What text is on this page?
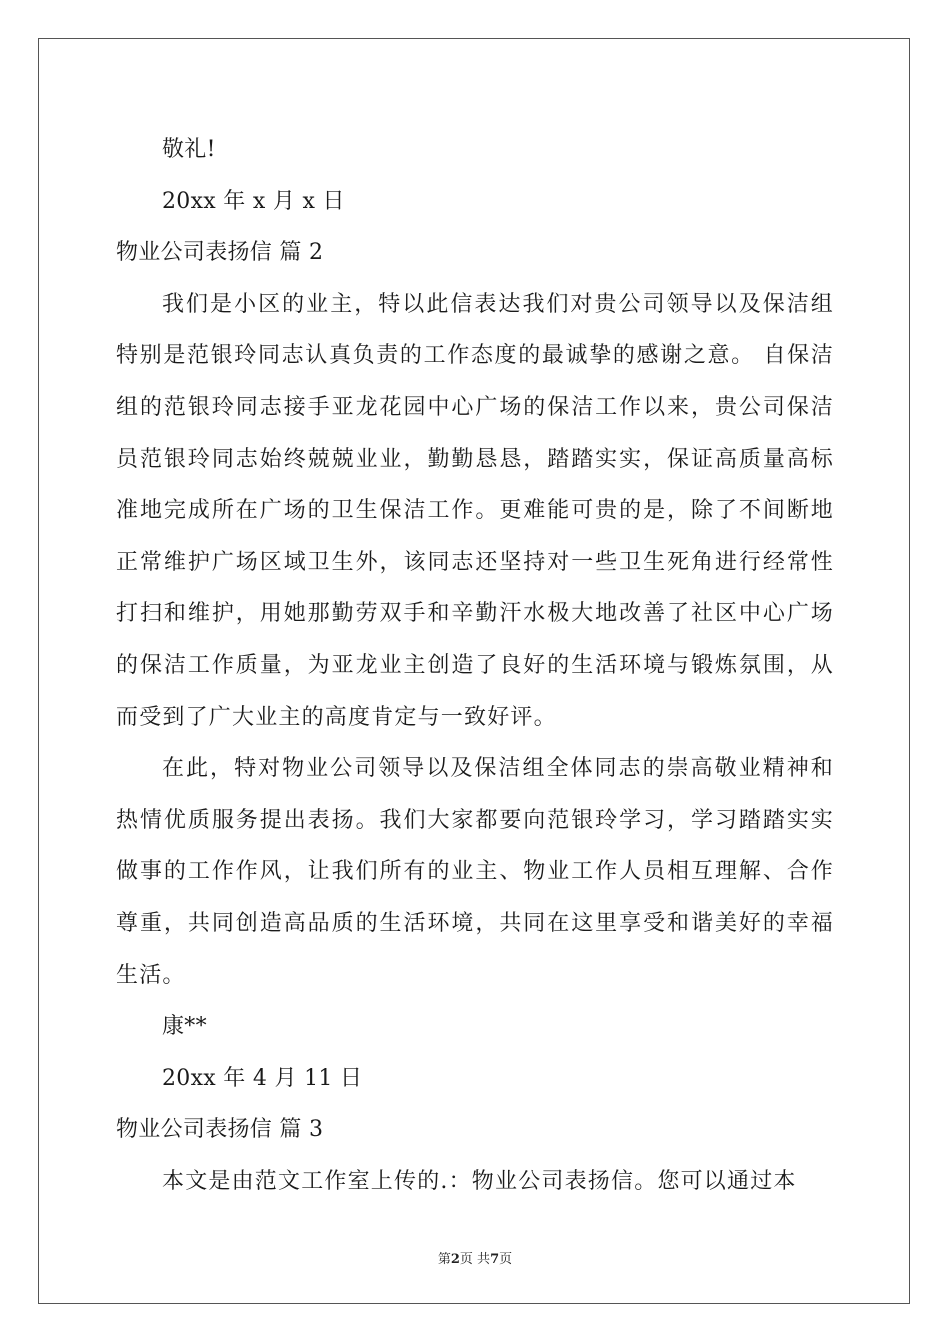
敬礼!
20xx 年 x 月 x 日
物业公司表扬信 篇 2

我们是小区的业主，特以此信表达我们对贵公司领导以及保洁组特别是范银玲同志认真负责的工作态度的最诚挚的感谢之意。 自保洁组的范银玲同志接手亚龙花园中心广场的保洁工作以来，贵公司保洁员范银玲同志始终兢兢业业，勤勤恳恳，踏踏实实，保证高质量高标准地完成所在广场的卫生保洁工作。更难能可贵的是，除了不间断地正常维护广场区域卫生外，该同志还坚持对一些卫生死角进行经常性打扫和维护，用她那勤劳双手和辛勤汗水极大地改善了社区中心广场的保洁工作质量，为亚龙业主创造了良好的生活环境与锻炼氛围，从而受到了广大业主的高度肯定与一致好评。

在此，特对物业公司领导以及保洁组全体同志的崇高敬业精神和热情优质服务提出表扬。我们大家都要向范银玲学习，学习踏踏实实做事的工作作风，让我们所有的业主、物业工作人员相互理解、合作尊重，共同创造高品质的生活环境，共同在这里享受和谐美好的幸福生活。

康**
20xx 年 4 月 11 日
物业公司表扬信 篇 3

本文是由范文工作室上传的.：物业公司表扬信。您可以通过本

第2页 共7页
